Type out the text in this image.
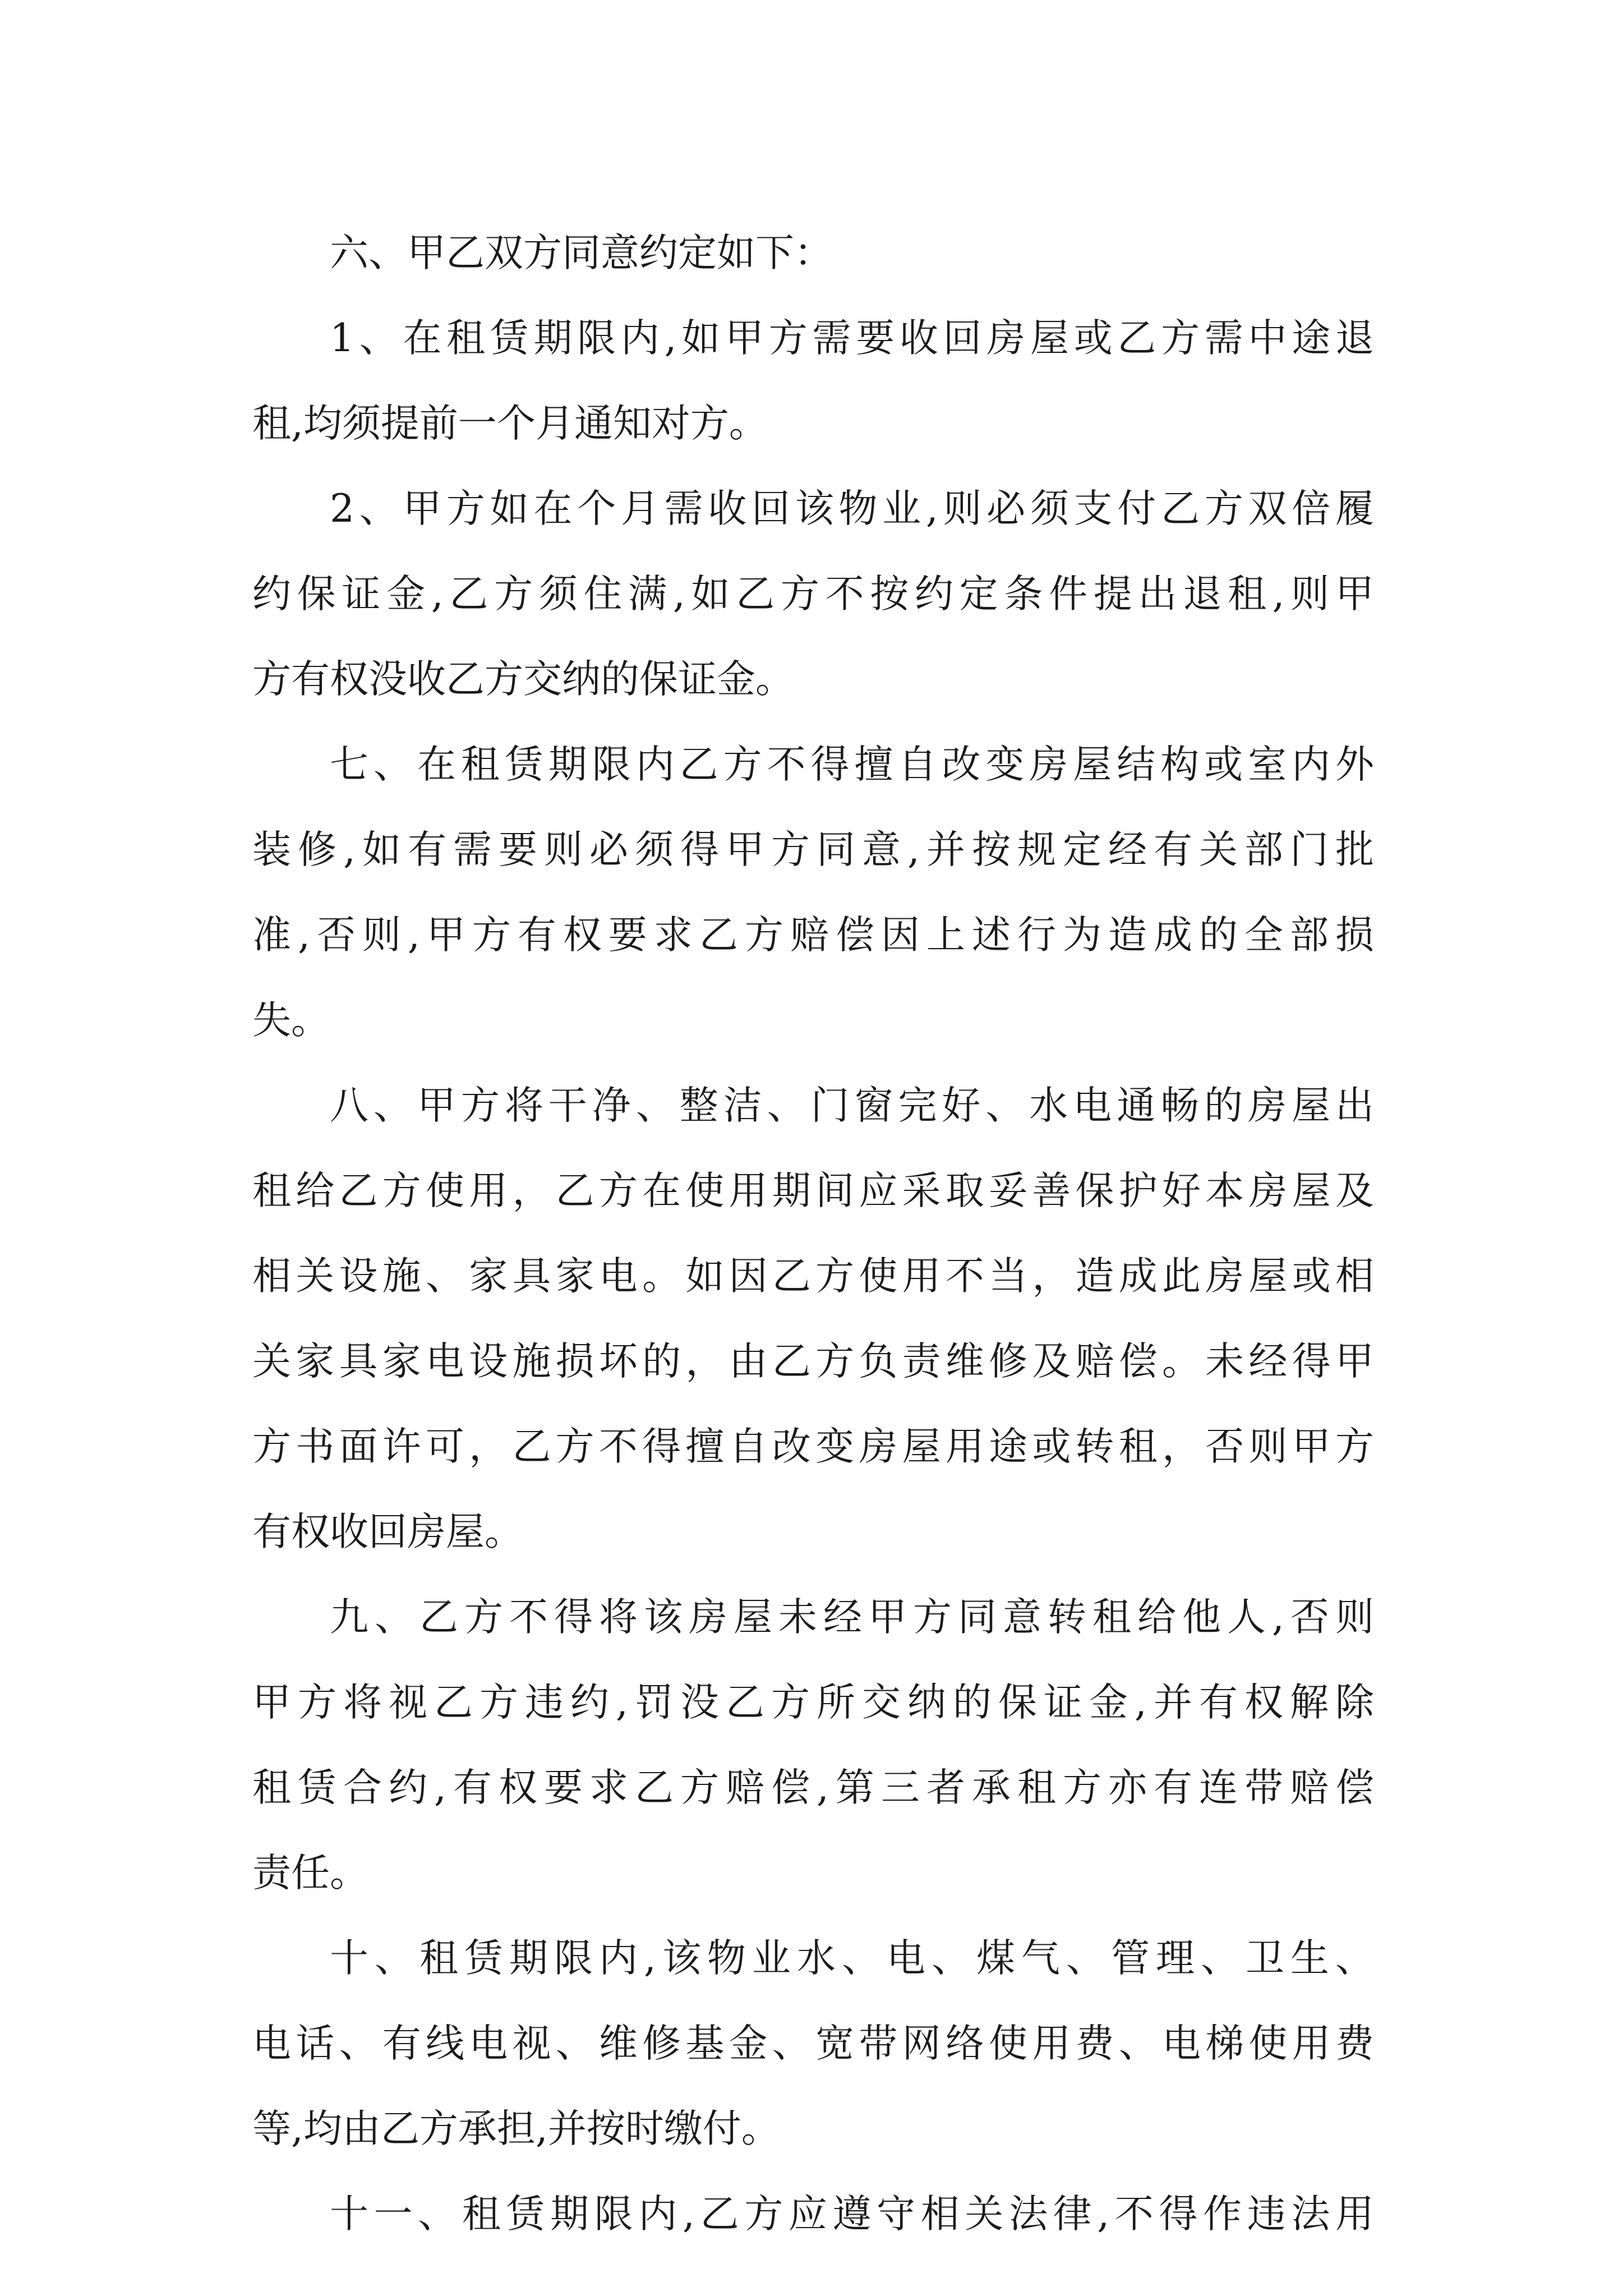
六、甲乙双方同意约定如下：
1、在租赁期限内,如甲方需要收回房屋或乙方需中途退
租,均须提前一个月通知对方。
2、甲方如在个月需收回该物业,则必须支付乙方双倍履
约保证金,乙方须住满,如乙方不按约定条件提出退租,则甲
方有权没收乙方交纳的保证金。
七、在租赁期限内乙方不得擅自改变房屋结构或室内外
装修,如有需要则必须得甲方同意,并按规定经有关部门批
准,否则,甲方有权要求乙方赔偿因上述行为造成的全部损
失。
八、甲方将干净、整洁、门窗完好、水电通畅的房屋出
租给乙方使用，乙方在使用期间应采取妥善保护好本房屋及
相关设施、家具家电。如因乙方使用不当，造成此房屋或相
关家具家电设施损坏的，由乙方负责维修及赔偿。未经得甲
方书面许可，乙方不得擅自改变房屋用途或转租，否则甲方
有权收回房屋。
九、乙方不得将该房屋未经甲方同意转租给他人,否则
甲方将视乙方违约,罚没乙方所交纳的保证金,并有权解除
租赁合约,有权要求乙方赔偿,第三者承租方亦有连带赔偿
责任。
十、租赁期限内,该物业水、电、煤气、管理、卫生、
电话、有线电视、维修基金、宽带网络使用费、电梯使用费
等,均由乙方承担,并按时缴付。
十一、租赁期限内,乙方应遵守相关法律,不得作违法用
